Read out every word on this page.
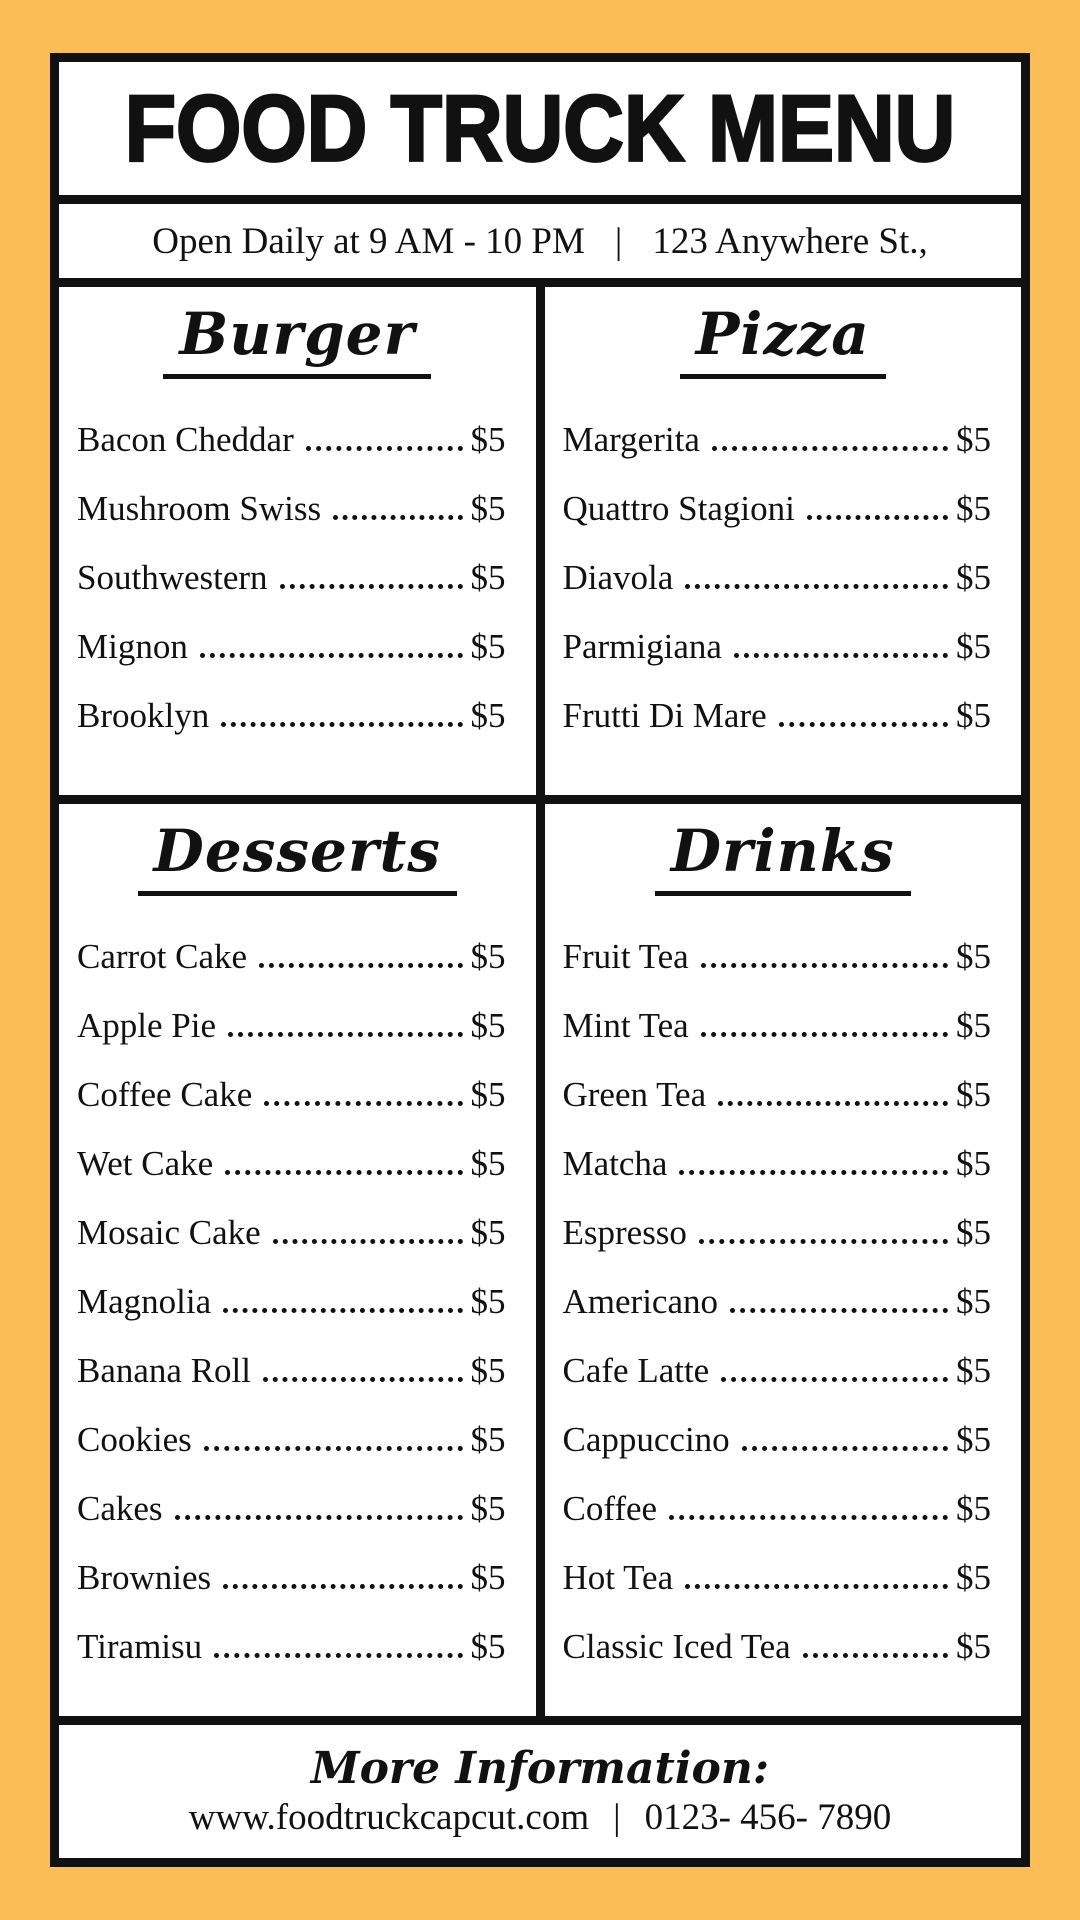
FOOD TRUCK MENU
Open Daily at 9 AM - 10 PM | 123 Anywhere St.,
Burger
Bacon Cheddar	$5
Mushroom Swiss	$5
Southwestern	$5
Mignon	$5
Brooklyn	$5
Pizza
Margerita	$5
Quattro Stagioni	$5
Diavola	$5
Parmigiana	$5
Frutti Di Mare	$5
Desserts
Carrot Cake	$5
Apple Pie	$5
Coffee Cake	$5
Wet Cake	$5
Mosaic Cake	$5
Magnolia	$5
Banana Roll	$5
Cookies	$5
Cakes	$5
Brownies	$5
Tiramisu	$5
Drinks
Fruit Tea	$5
Mint Tea	$5
Green Tea	$5
Matcha	$5
Espresso	$5
Americano	$5
Cafe Latte	$5
Cappuccino	$5
Coffee	$5
Hot Tea	$5
Classic Iced Tea	$5
More Information:
www.foodtruckcapcut.com | 0123- 456- 7890
